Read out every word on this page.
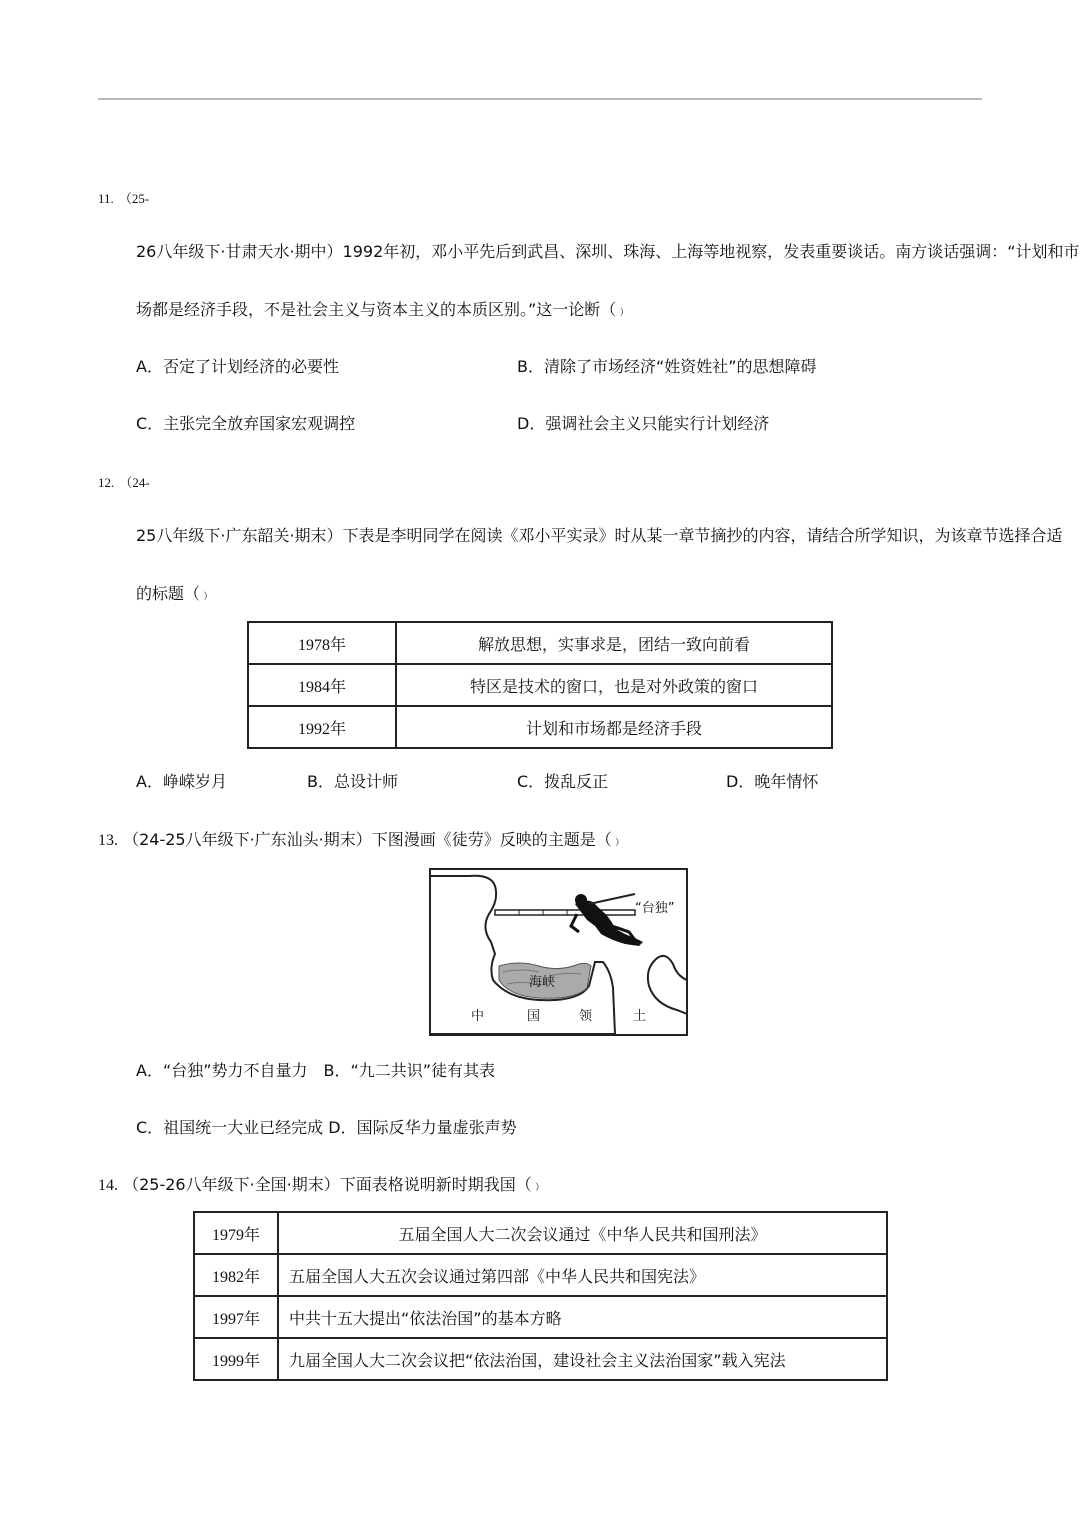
11. （25-
26八年级下·甘肃天水·期中）1992年初，邓小平先后到武昌、深圳、珠海、上海等地视察，发表重要谈话。南方谈话强调：“计划和市
场都是经济手段，不是社会主义与资本主义的本质区别。”这一论断（ ）
A．否定了计划经济的必要性	B．清除了市场经济“姓资姓社”的思想障碍
C．主张完全放弃国家宏观调控	D．强调社会主义只能实行计划经济
12. （24-
25八年级下·广东韶关·期末）下表是李明同学在阅读《邓小平实录》时从某一章节摘抄的内容，请结合所学知识，为该章节选择合适
的标题（ ）
1978年	解放思想，实事求是，团结一致向前看
1984年	特区是技术的窗口，也是对外政策的窗口
1992年	计划和市场都是经济手段
A．峥嵘岁月	B．总设计师	C．拨乱反正	D．晚年情怀
13. （24-25八年级下·广东汕头·期末）下图漫画《徒劳》反映的主题是（ ）
“台独”
海峡
中	国	领	土
A．“台独”势力不自量力　B．“九二共识”徒有其表
C．祖国统一大业已经完成 D．国际反华力量虚张声势
14. （25-26八年级下·全国·期末）下面表格说明新时期我国（ ）
1979年	五届全国人大二次会议通过《中华人民共和国刑法》
1982年	五届全国人大五次会议通过第四部《中华人民共和国宪法》
1997年	中共十五大提出“依法治国”的基本方略
1999年	九届全国人大二次会议把“依法治国，建设社会主义法治国家”载入宪法
